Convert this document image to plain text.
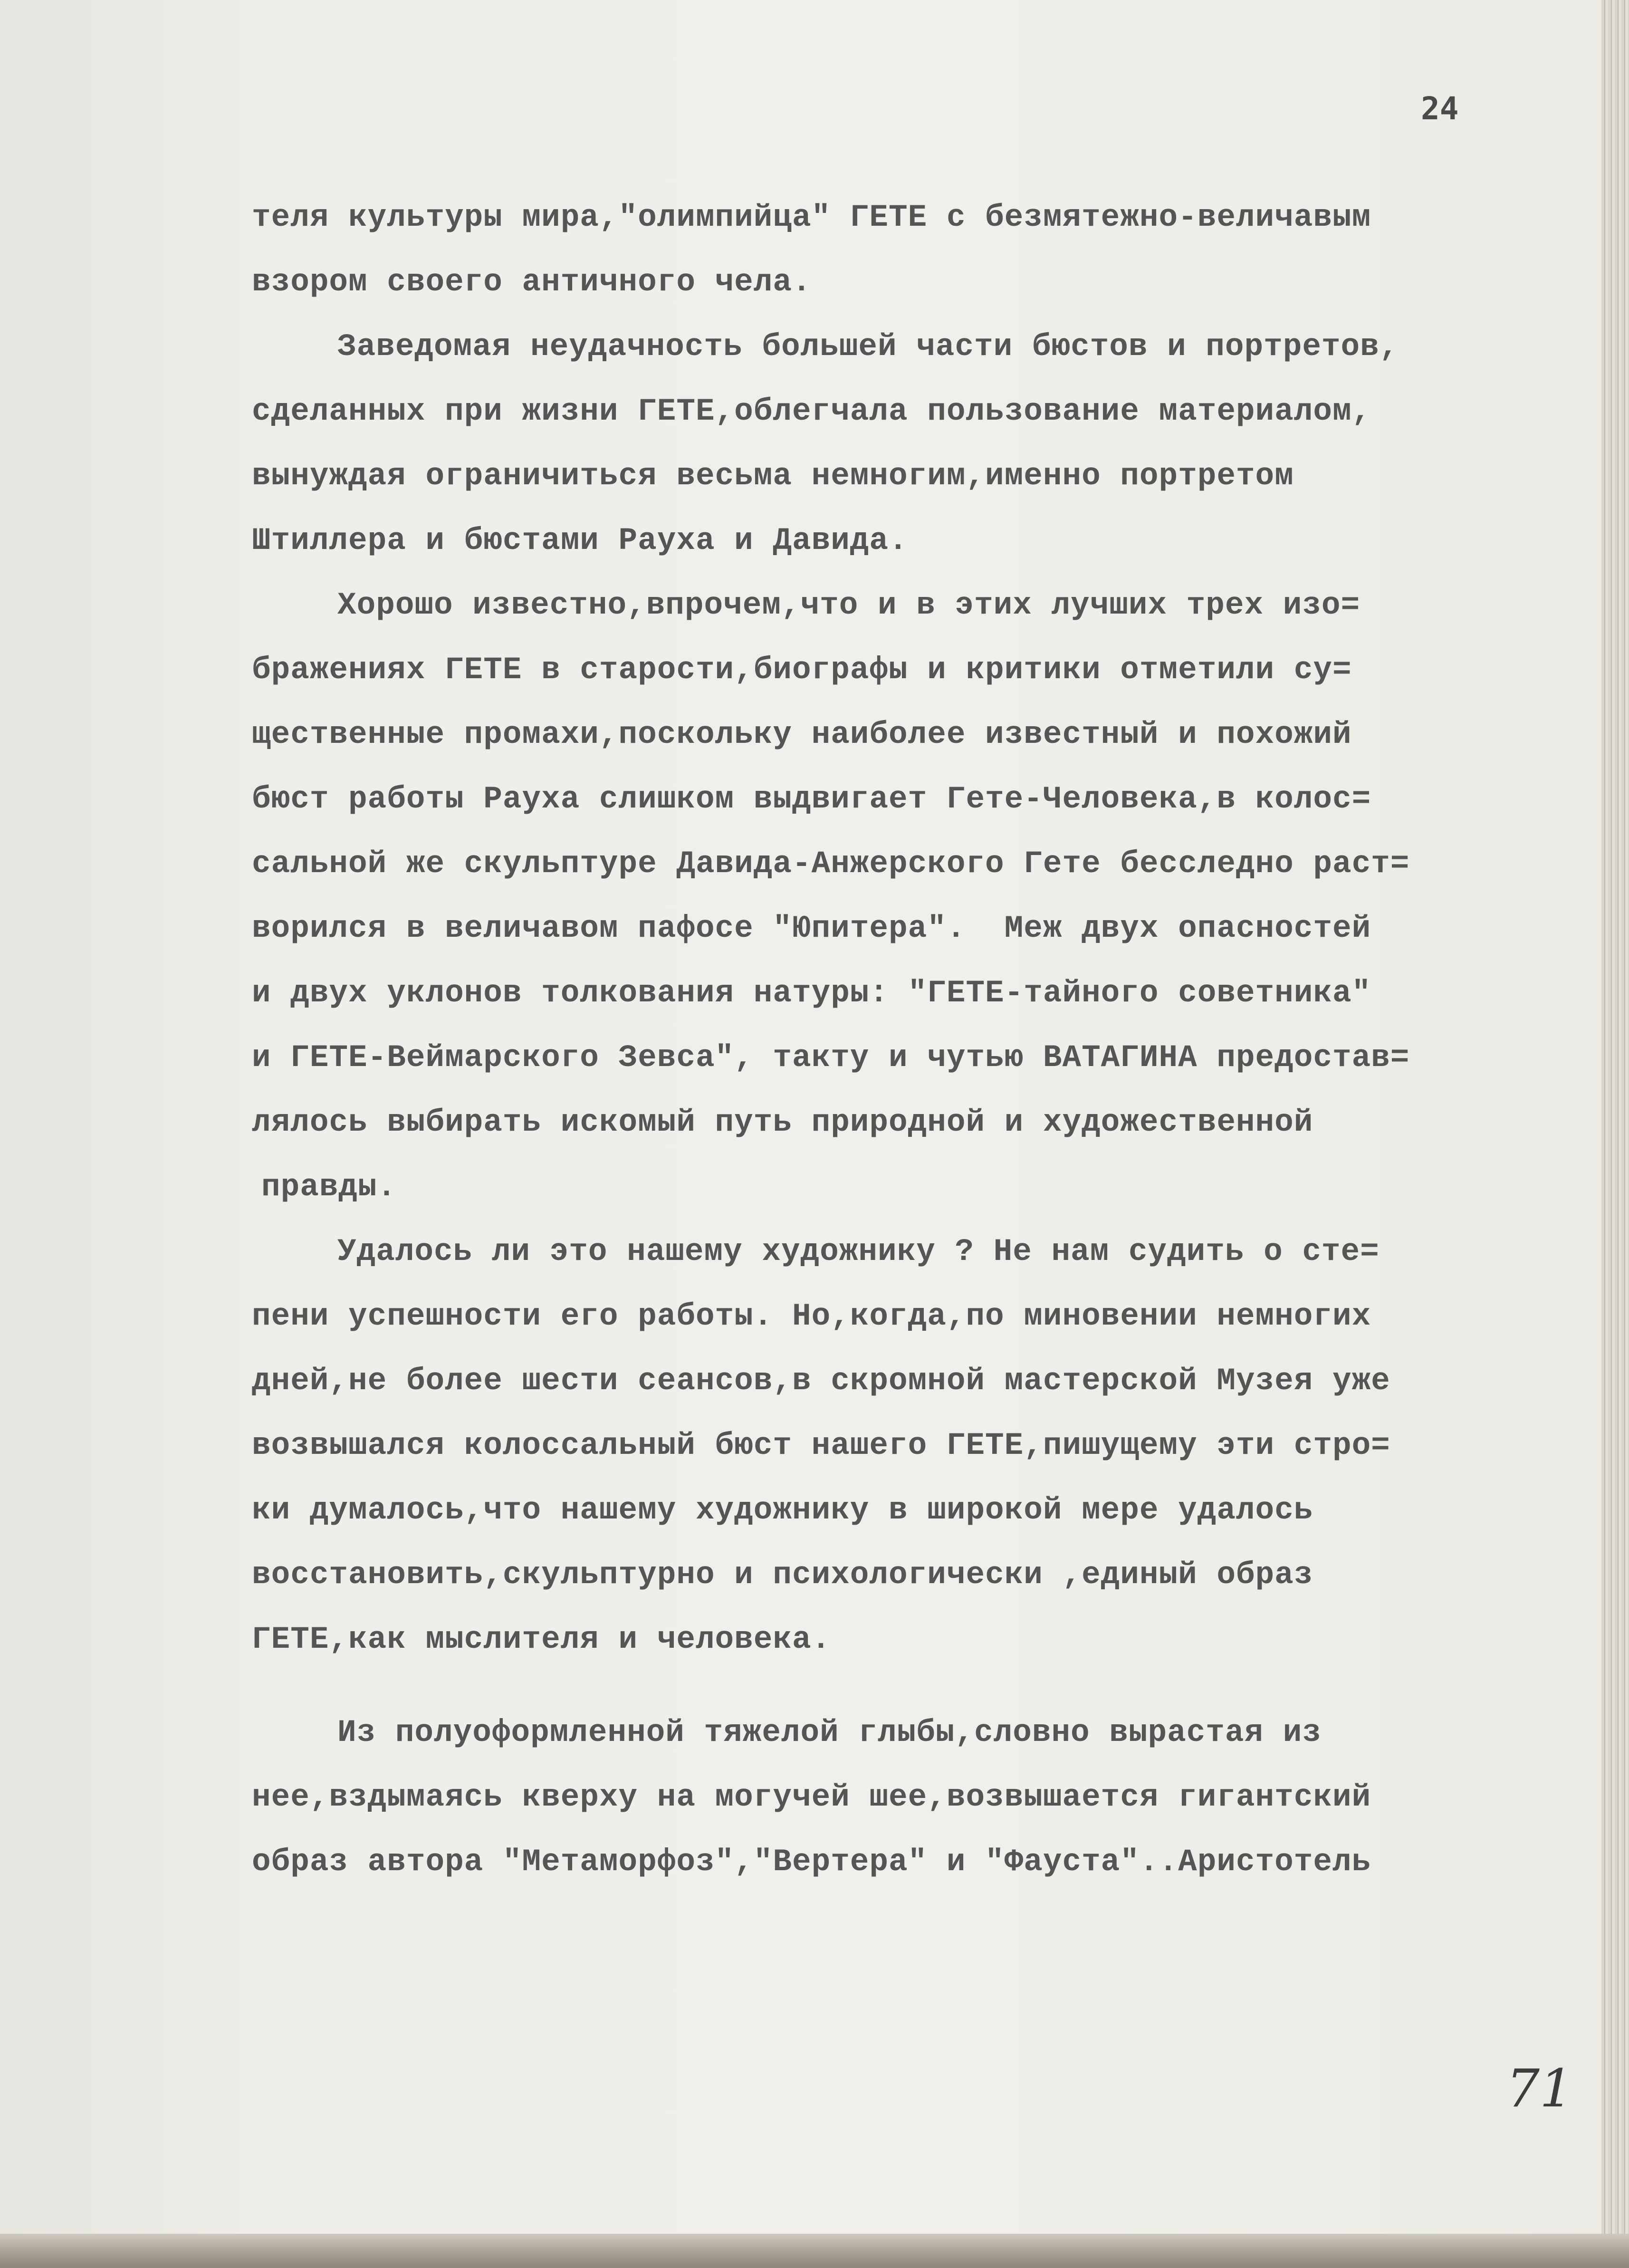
24
теля культуры мира,"олимпийца" ГЕТЕ с безмятежно-величавым
взором своего античного чела.
Заведомая неудачность большей части бюстов и портретов,
сделанных при жизни ГЕТЕ,облегчала пользование материалом,
вынуждая ограничиться весьма немногим,именно портретом
Штиллера и бюстами Рауха и Давида.
Хорошо известно,впрочем,что и в этих лучших трех изо=
бражениях ГЕТЕ в старости,биографы и критики отметили су=
щественные промахи,поскольку наиболее известный и похожий
бюст работы Рауха слишком выдвигает Гете-Человека,в колос=
сальной же скульптуре Давида-Анжерского Гете бесследно раст=
ворился в величавом пафосе "Юпитера".  Меж двух опасностей
и двух уклонов толкования натуры: "ГЕТЕ-тайного советника"
и ГЕТЕ-Веймарского Зевса", такту и чутью ВАТАГИНА предостав=
лялось выбирать искомый путь природной и художественной
правды.
Удалось ли это нашему художнику ? Не нам судить о сте=
пени успешности его работы. Но,когда,по миновении немногих
дней,не более шести сеансов,в скромной мастерской Музея уже
возвышался колоссальный бюст нашего ГЕТЕ,пишущему эти стро=
ки думалось,что нашему художнику в широкой мере удалось
восстановить,скульптурно и психологически ,единый образ
ГЕТЕ,как мыслителя и человека.
Из полуоформленной тяжелой глыбы,словно вырастая из
нее,вздымаясь кверху на могучей шее,возвышается гигантский
образ автора "Метаморфоз","Вертера" и "Фауста"..Аристотель
71
